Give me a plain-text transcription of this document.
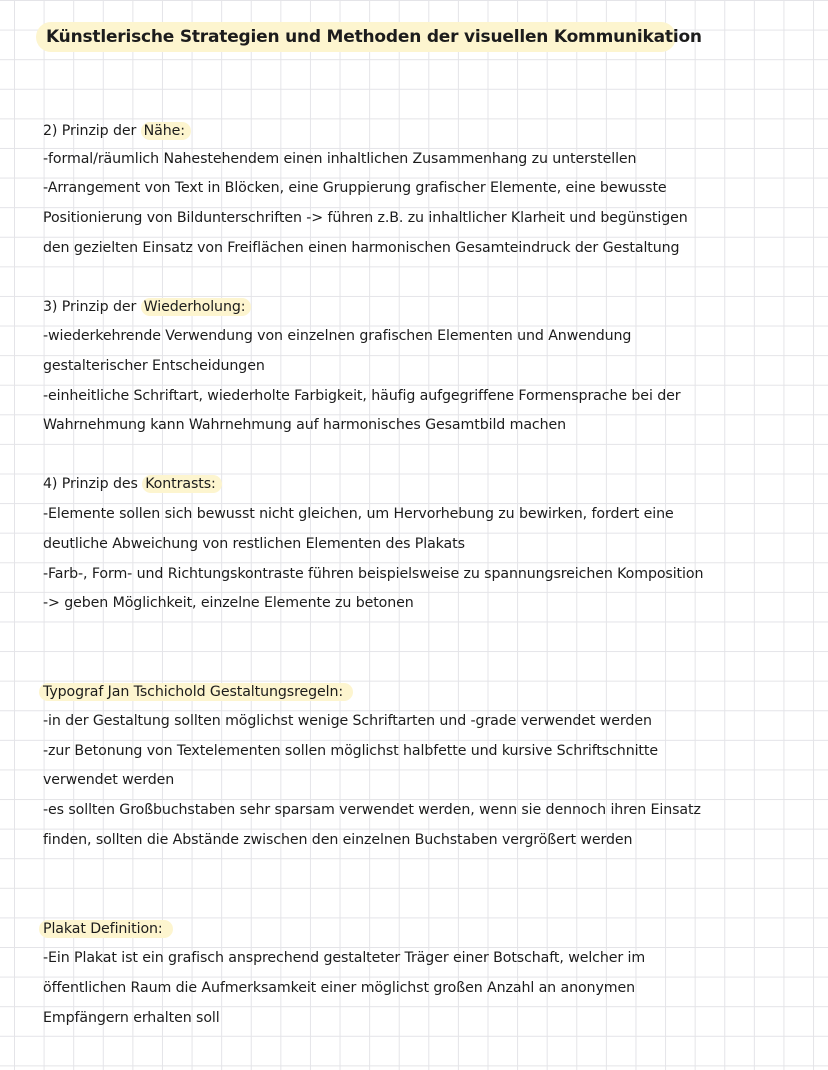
Künstlerische Strategien und Methoden der visuellen Kommunikation
2) Prinzip der Nähe:
-formal/räumlich Nahestehendem einen inhaltlichen Zusammenhang zu unterstellen
-Arrangement von Text in Blöcken, eine Gruppierung grafischer Elemente, eine bewusste
Positionierung von Bildunterschriften -> führen z.B. zu inhaltlicher Klarheit und begünstigen
den gezielten Einsatz von Freiflächen einen harmonischen Gesamteindruck der Gestaltung
3) Prinzip der Wiederholung:
-wiederkehrende Verwendung von einzelnen grafischen Elementen und Anwendung
gestalterischer Entscheidungen
-einheitliche Schriftart, wiederholte Farbigkeit, häufig aufgegriffene Formensprache bei der
Wahrnehmung kann Wahrnehmung auf harmonisches Gesamtbild machen
4) Prinzip des Kontrasts:
-Elemente sollen sich bewusst nicht gleichen, um Hervorhebung zu bewirken, fordert eine
deutliche Abweichung von restlichen Elementen des Plakats
-Farb-, Form- und Richtungskontraste führen beispielsweise zu spannungsreichen Komposition
-> geben Möglichkeit, einzelne Elemente zu betonen
Typograf Jan Tschichold Gestaltungsregeln:
-in der Gestaltung sollten möglichst wenige Schriftarten und -grade verwendet werden
-zur Betonung von Textelementen sollen möglichst halbfette und kursive Schriftschnitte
verwendet werden
-es sollten Großbuchstaben sehr sparsam verwendet werden, wenn sie dennoch ihren Einsatz
finden, sollten die Abstände zwischen den einzelnen Buchstaben vergrößert werden
Plakat Definition:
-Ein Plakat ist ein grafisch ansprechend gestalteter Träger einer Botschaft, welcher im
öffentlichen Raum die Aufmerksamkeit einer möglichst großen Anzahl an anonymen
Empfängern erhalten soll
